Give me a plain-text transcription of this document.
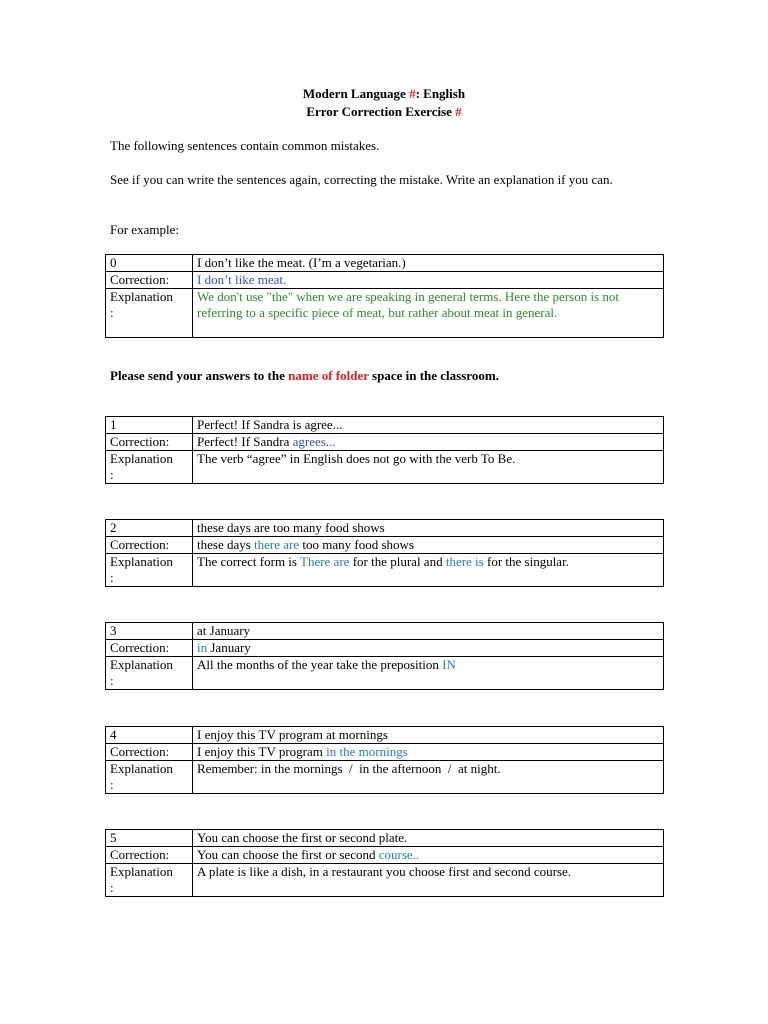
Modern Language #: English
Error Correction Exercise #
The following sentences contain common mistakes.
See if you can write the sentences again, correcting the mistake. Write an explanation if you can.
For example:
0	I don’t like the meat. (I’m a vegetarian.)
Correction:	I don’t like meat.
Explanation
:	We don't use "the" when we are speaking in general terms. Here the person is not referring to a specific piece of meat, but rather about meat in general.
Please send your answers to the name of folder space in the classroom.
1	Perfect! If Sandra is agree...
Correction:	Perfect! If Sandra agrees...
Explanation
:	The verb “agree” in English does not go with the verb To Be.
2	these days are too many food shows
Correction:	these days there are too many food shows
Explanation
:	The correct form is There are for the plural and there is for the singular.
3	at January
Correction:	in January
Explanation
:	All the months of the year take the preposition IN
4	I enjoy this TV program at mornings
Correction:	I enjoy this TV program in the mornings
Explanation
:	Remember: in the mornings  /  in the afternoon  /  at night.
5	You can choose the first or second plate.
Correction:	You can choose the first or second course..
Explanation
:	A plate is like a dish, in a restaurant you choose first and second course.
